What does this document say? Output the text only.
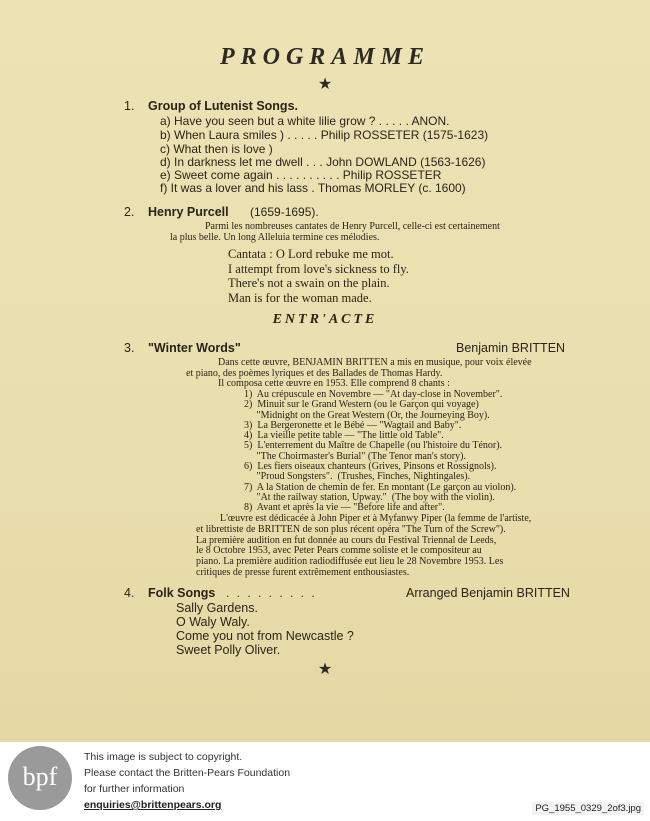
PROGRAMME
★
1. Group of Lutenist Songs.
a) Have you seen but a white lilie grow ? . . . . . ANON.
b) When Laura smiles ) . . . . . Philip ROSSETER (1575-1623)
c) What then is love )
d) In darkness let me dwell . . . John DOWLAND (1563-1626)
e) Sweet come again . . . . . . . . . . Philip ROSSETER
f) It was a lover and his lass . Thomas MORLEY (c. 1600)
2. Henry Purcell (1659-1695).
Parmi les nombreuses cantates de Henry Purcell, celle-ci est certainement
la plus belle. Un long Alleluia termine ces mélodies.
Cantata : O Lord rebuke me mot.
I attempt from love's sickness to fly.
There's not a swain on the plain.
Man is for the woman made.
ENTR'ACTE
3. "Winter Words"	Benjamin BRITTEN
Dans cette œuvre, BENJAMIN BRITTEN a mis en musique, pour voix élevée
et piano, des poèmes lyriques et des Ballades de Thomas Hardy.
Il composa cette œuvre en 1953. Elle comprend 8 chants :
1)  Au crépuscule en Novembre — "At day-close in November".
2)  Minuit sur le Grand Western (ou le Garçon qui voyage)
"Midnight on the Great Western (Or, the Journeying Boy).
3)  La Bergeronette et le Bébé — "Wagtail and Baby".
4)  La vieille petite table — "The little old Table".
5)  L'enterrement du Maître de Chapelle (ou l'histoire du Ténor).
"The Choirmaster's Burial" (The Tenor man's story).
6)  Les fiers oiseaux chanteurs (Grives, Pinsons et Rossignols).
"Proud Songsters".  (Trushes, Finches, Nightingales).
7)  A la Station de chemin de fer. En montant (Le garçon au violon).
"At the railway station, Upway."  (The boy with the violin).
8)  Avant et après la vie — "Before life and after".
L'œuvre est dédicacée à John Piper et à Myfanwy Piper (la femme de l'artiste,
et librettiste de BRITTEN de son plus récent opéra "The Turn of the Screw").
La première audition en fut donnée au cours du Festival Triennal de Leeds,
le 8 Octobre 1953, avec Peter Pears comme soliste et le compositeur au
piano. La première audition radiodiffusée eut lieu le 28 Novembre 1953. Les
critiques de presse furent extrêmement enthousiastes.
4. Folk Songs . . . . . . . . .	Arranged Benjamin BRITTEN
Sally Gardens.
O Waly Waly.
Come you not from Newcastle ?
Sweet Polly Oliver.
★
bpf
This image is subject to copyright.
Please contact the Britten-Pears Foundation
for further information
enquiries@brittenpears.org	PG_1955_0329_2of3.jpg
